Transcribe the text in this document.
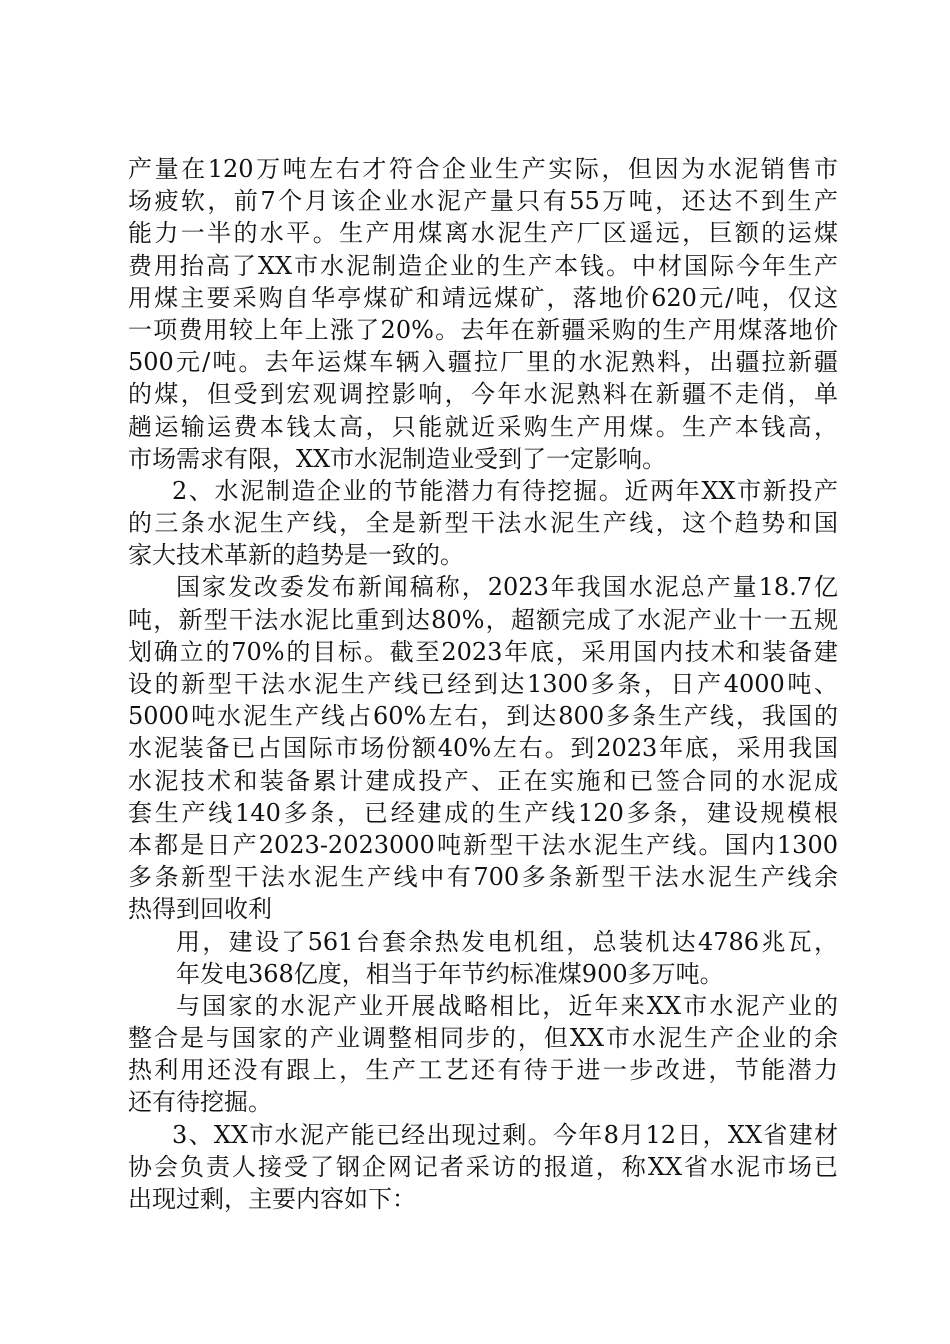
产量在120万吨左右才符合企业生产实际，但因为水泥销售市
场疲软，前7个月该企业水泥产量只有55万吨，还达不到生产
能力一半的水平。生产用煤离水泥生产厂区遥远，巨额的运煤
费用抬高了XX市水泥制造企业的生产本钱。中材国际今年生产
用煤主要采购自华亭煤矿和靖远煤矿，落地价620元/吨，仅这
一项费用较上年上涨了20%。去年在新疆采购的生产用煤落地价
500元/吨。去年运煤车辆入疆拉厂里的水泥熟料，出疆拉新疆
的煤，但受到宏观调控影响，今年水泥熟料在新疆不走俏，单
趟运输运费本钱太高，只能就近采购生产用煤。生产本钱高，
市场需求有限，XX市水泥制造业受到了一定影响。
2、水泥制造企业的节能潜力有待挖掘。近两年XX市新投产
的三条水泥生产线，全是新型干法水泥生产线，这个趋势和国
家大技术革新的趋势是一致的。
国家发改委发布新闻稿称，2023年我国水泥总产量18.7亿
吨，新型干法水泥比重到达80%，超额完成了水泥产业十一五规
划确立的70%的目标。截至2023年底，采用国内技术和装备建
设的新型干法水泥生产线已经到达1300多条，日产4000吨、
5000吨水泥生产线占60%左右，到达800多条生产线，我国的
水泥装备已占国际市场份额40%左右。到2023年底，采用我国
水泥技术和装备累计建成投产、正在实施和已签合同的水泥成
套生产线140多条，已经建成的生产线120多条，建设规模根
本都是日产2023-2023000吨新型干法水泥生产线。国内1300
多条新型干法水泥生产线中有700多条新型干法水泥生产线余
热得到回收利
用，建设了561台套余热发电机组，总装机达4786兆瓦，
年发电368亿度，相当于年节约标准煤900多万吨。
与国家的水泥产业开展战略相比，近年来XX市水泥产业的
整合是与国家的产业调整相同步的，但XX市水泥生产企业的余
热利用还没有跟上，生产工艺还有待于进一步改进，节能潜力
还有待挖掘。
3、XX市水泥产能已经出现过剩。今年8月12日，XX省建材
协会负责人接受了钢企网记者采访的报道，称XX省水泥市场已
出现过剩，主要内容如下：
